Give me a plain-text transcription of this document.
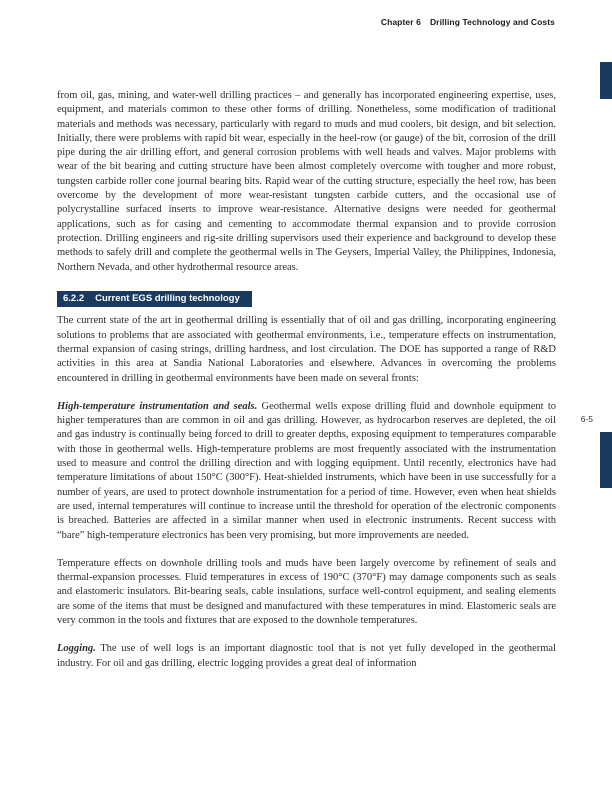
Chapter 6 Drilling Technology and Costs
6-5

from oil, gas, mining, and water-well drilling practices – and generally has incorporated engineering expertise, uses, equipment, and materials common to these other forms of drilling. Nonetheless, some modification of traditional materials and methods was necessary, particularly with regard to muds and mud coolers, bit design, and bit selection. Initially, there were problems with rapid bit wear, especially in the heel-row (or gauge) of the bit, corrosion of the drill pipe during the air drilling effort, and general corrosion problems with well heads and valves. Major problems with wear of the bit bearing and cutting structure have been almost completely overcome with tougher and more robust, tungsten carbide roller cone journal bearing bits. Rapid wear of the cutting structure, especially the heel row, has been overcome by the development of more wear-resistant tungsten carbide cutters, and the occasional use of polycrystalline surfaced inserts to improve wear-resistance. Alternative designs were needed for geothermal applications, such as for casing and cementing to accommodate thermal expansion and to provide corrosion protection. Drilling engineers and rig-site drilling supervisors used their experience and background to develop these methods to safely drill and complete the geothermal wells in The Geysers, Imperial Valley, the Philippines, Indonesia, Northern Nevada, and other hydrothermal resource areas.

6.2.2 Current EGS drilling technology

The current state of the art in geothermal drilling is essentially that of oil and gas drilling, incorporating engineering solutions to problems that are associated with geothermal environments, i.e., temperature effects on instrumentation, thermal expansion of casing strings, drilling hardness, and lost circulation. The DOE has supported a range of R&D activities in this area at Sandia National Laboratories and elsewhere. Advances in overcoming the problems encountered in drilling in geothermal environments have been made on several fronts:

High-temperature instrumentation and seals. Geothermal wells expose drilling fluid and downhole equipment to higher temperatures than are common in oil and gas drilling. However, as hydrocarbon reserves are depleted, the oil and gas industry is continually being forced to drill to greater depths, exposing equipment to temperatures comparable with those in geothermal wells. High-temperature problems are most frequently associated with the instrumentation used to measure and control the drilling direction and with logging equipment. Until recently, electronics have had temperature limitations of about 150°C (300°F). Heat-shielded instruments, which have been in use successfully for a number of years, are used to protect downhole instrumentation for a period of time. However, even when heat shields are used, internal temperatures will continue to increase until the threshold for operation of the electronic components is breached. Batteries are affected in a similar manner when used in electronic instruments. Recent success with “bare” high-temperature electronics has been very promising, but more improvements are needed.

Temperature effects on downhole drilling tools and muds have been largely overcome by refinement of seals and thermal-expansion processes. Fluid temperatures in excess of 190°C (370°F) may damage components such as seals and elastomeric insulators. Bit-bearing seals, cable insulations, surface well-control equipment, and sealing elements are some of the items that must be designed and manufactured with these temperatures in mind. Elastomeric seals are very common in the tools and fixtures that are exposed to the downhole temperatures.

Logging. The use of well logs is an important diagnostic tool that is not yet fully developed in the geothermal industry. For oil and gas drilling, electric logging provides a great deal of information
